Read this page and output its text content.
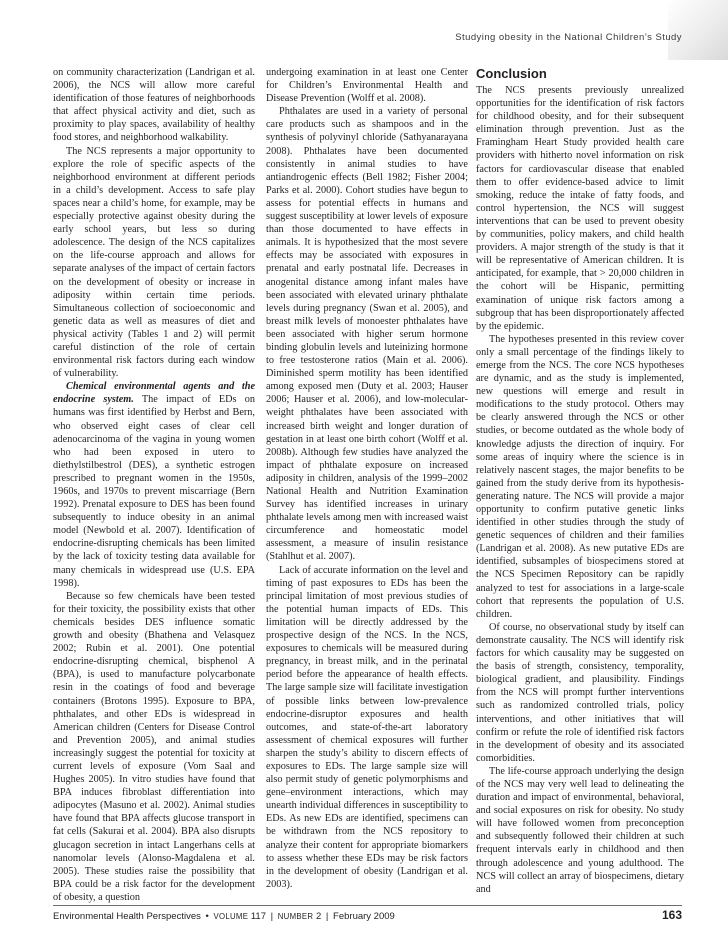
Studying obesity in the National Children’s Study

on community characterization (Landrigan et al. 2006), the NCS will allow more careful identification of those features of neighborhoods that affect physical activity and diet, such as proximity to play spaces, availability of healthy food stores, and neighborhood walkability.

The NCS represents a major opportunity to explore the role of specific aspects of the neighborhood environment at different periods in a child’s development. Access to safe play spaces near a child’s home, for example, may be especially protective against obesity during the early school years, but less so during adolescence. The design of the NCS capitalizes on the life-course approach and allows for separate analyses of the impact of certain factors on the development of obesity or increase in adiposity within certain time periods. Simultaneous collection of socioeconomic and genetic data as well as measures of diet and physical activity (Tables 1 and 2) will permit careful distinction of the role of certain environmental risk factors during each window of vulnerability.

Chemical environmental agents and the endocrine system. The impact of EDs on humans was first identified by Herbst and Bern, who observed eight cases of clear cell adenocarcinoma of the vagina in young women who had been exposed in utero to diethylstilbestrol (DES), a synthetic estrogen prescribed to pregnant women in the 1950s, 1960s, and 1970s to prevent miscarriage (Bern 1992). Prenatal exposure to DES has been found subsequently to induce obesity in an animal model (Newbold et al. 2007). Identification of endocrine-disrupting chemicals has been limited by the lack of toxicity testing data available for many chemicals in widespread use (U.S. EPA 1998).

Because so few chemicals have been tested for their toxicity, the possibility exists that other chemicals besides DES influence somatic growth and obesity (Bhathena and Velasquez 2002; Rubin et al. 2001). One potential endocrine-disrupting chemical, bisphenol A (BPA), is used to manufacture polycarbonate resin in the coatings of food and beverage containers (Brotons 1995). Exposure to BPA, phthalates, and other EDs is widespread in American children (Centers for Disease Control and Prevention 2005), and animal studies increasingly suggest the potential for toxicity at current levels of exposure (Vom Saal and Hughes 2005). In vitro studies have found that BPA induces fibroblast differentiation into adipocytes (Masuno et al. 2002). Animal studies have found that BPA affects glucose transport in fat cells (Sakurai et al. 2004). BPA also disrupts glucagon secretion in intact Langerhans cells at nanomolar levels (Alonso-Magdalena et al. 2005). These studies raise the possibility that BPA could be a risk factor for the development of obesity, a question

undergoing examination in at least one Center for Children’s Environmental Health and Disease Prevention (Wolff et al. 2008).

Phthalates are used in a variety of personal care products such as shampoos and in the synthesis of polyvinyl chloride (Sathyanarayana 2008). Phthalates have been documented consistently in animal studies to have antiandrogenic effects (Bell 1982; Fisher 2004; Parks et al. 2000). Cohort studies have begun to assess for potential effects in humans and suggest susceptibility at lower levels of exposure than those documented to have effects in animals. It is hypothesized that the most severe effects may be associated with exposures in prenatal and early postnatal life. Decreases in anogenital distance among infant males have been associated with elevated urinary phthalate levels during pregnancy (Swan et al. 2005), and breast milk levels of monoester phthalates have been associated with higher serum hormone binding globulin levels and luteinizing hormone to free testosterone ratios (Main et al. 2006). Diminished sperm motility has been identified among exposed men (Duty et al. 2003; Hauser 2006; Hauser et al. 2006), and low-molecular-weight phthalates have been associated with increased birth weight and longer duration of gestation in at least one birth cohort (Wolff et al. 2008b). Although few studies have analyzed the impact of phthalate exposure on increased adiposity in children, analysis of the 1999–2002 National Health and Nutrition Examination Survey has identified increases in urinary phthalate levels among men with increased waist circumference and homeostatic model assessment, a measure of insulin resistance (Stahlhut et al. 2007).

Lack of accurate information on the level and timing of past exposures to EDs has been the principal limitation of most previous studies of the potential human impacts of EDs. This limitation will be directly addressed by the prospective design of the NCS. In the NCS, exposures to chemicals will be measured during pregnancy, in breast milk, and in the perinatal period before the appearance of health effects. The large sample size will facilitate investigation of possible links between low-prevalence endocrine-disruptor exposures and health outcomes, and state-of-the-art laboratory assessment of chemical exposures will further sharpen the study’s ability to discern effects of exposures to EDs. The large sample size will also permit study of genetic polymorphisms and gene–environment interactions, which may unearth individual differences in susceptibility to EDs. As new EDs are identified, specimens can be withdrawn from the NCS repository to analyze their content for appropriate biomarkers to assess whether these EDs may be risk factors in the development of obesity (Landrigan et al. 2003).

Conclusion

The NCS presents previously unrealized opportunities for the identification of risk factors for childhood obesity, and for their subsequent elimination through prevention. Just as the Framingham Heart Study provided health care providers with hitherto novel information on risk factors for cardiovascular disease that enabled them to offer evidence-based advice to limit smoking, reduce the intake of fatty foods, and control hypertension, the NCS will suggest interventions that can be used to prevent obesity by communities, policy makers, and child health providers. A major strength of the study is that it will be representative of American children. It is anticipated, for example, that > 20,000 children in the cohort will be Hispanic, permitting examination of unique risk factors among a subgroup that has been disproportionately affected by the epidemic.

The hypotheses presented in this review cover only a small percentage of the findings likely to emerge from the NCS. The core NCS hypotheses are dynamic, and as the study is implemented, new questions will emerge and result in modifications to the study protocol. Others may be clearly answered through the NCS or other studies, or become outdated as the whole body of knowledge adjusts the direction of inquiry. For some areas of inquiry where the science is in relatively nascent stages, the major benefits to be gained from the study derive from its hypothesis-generating nature. The NCS will provide a major opportunity to confirm putative genetic links identified in other studies through the study of genetic sequences of children and their families (Landrigan et al. 2008). As new putative EDs are identified, subsamples of biospecimens stored at the NCS Specimen Repository can be rapidly analyzed to test for associations in a large-scale cohort that represents the population of U.S. children.

Of course, no observational study by itself can demonstrate causality. The NCS will identify risk factors for which causality may be suggested on the basis of strength, consistency, temporality, biological gradient, and plausibility. Findings from the NCS will prompt further interventions such as randomized controlled trials, policy interventions, and other initiatives that will confirm or refute the role of identified risk factors in the development of obesity and its associated comorbidities.

The life-course approach underlying the design of the NCS may very well lead to delineating the duration and impact of environmental, behavioral, and social exposures on risk for obesity. No study will have followed women from preconception and subsequently followed their children at such frequent intervals early in childhood and then through adolescence and young adulthood. The NCS will collect an array of biospecimens, dietary and

Environmental Health Perspectives • VOLUME 117 | NUMBER 2 | February 2009	163
